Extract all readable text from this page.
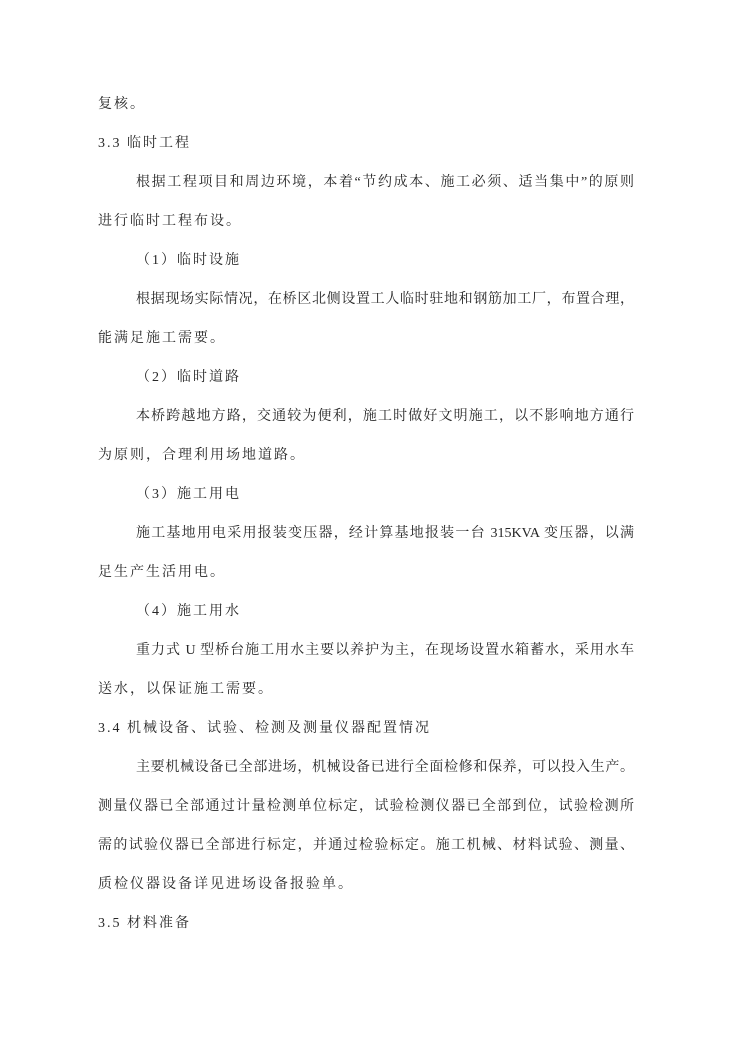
复核。
3.3 临时工程
根据工程项目和周边环境，本着“节约成本、施工必须、适当集中”的原则
进行临时工程布设。
（1）临时设施
根据现场实际情况，在桥区北侧设置工人临时驻地和钢筋加工厂，布置合理，
能满足施工需要。
（2）临时道路
本桥跨越地方路，交通较为便利，施工时做好文明施工，以不影响地方通行
为原则，合理利用场地道路。
（3）施工用电
施工基地用电采用报装变压器，经计算基地报装一台 315KVA 变压器，以满
足生产生活用电。
（4）施工用水
重力式 U 型桥台施工用水主要以养护为主，在现场设置水箱蓄水，采用水车
送水，以保证施工需要。
3.4 机械设备、试验、检测及测量仪器配置情况
主要机械设备已全部进场，机械设备已进行全面检修和保养，可以投入生产。
测量仪器已全部通过计量检测单位标定，试验检测仪器已全部到位，试验检测所
需的试验仪器已全部进行标定，并通过检验标定。施工机械、材料试验、测量、
质检仪器设备详见进场设备报验单。
3.5 材料准备
